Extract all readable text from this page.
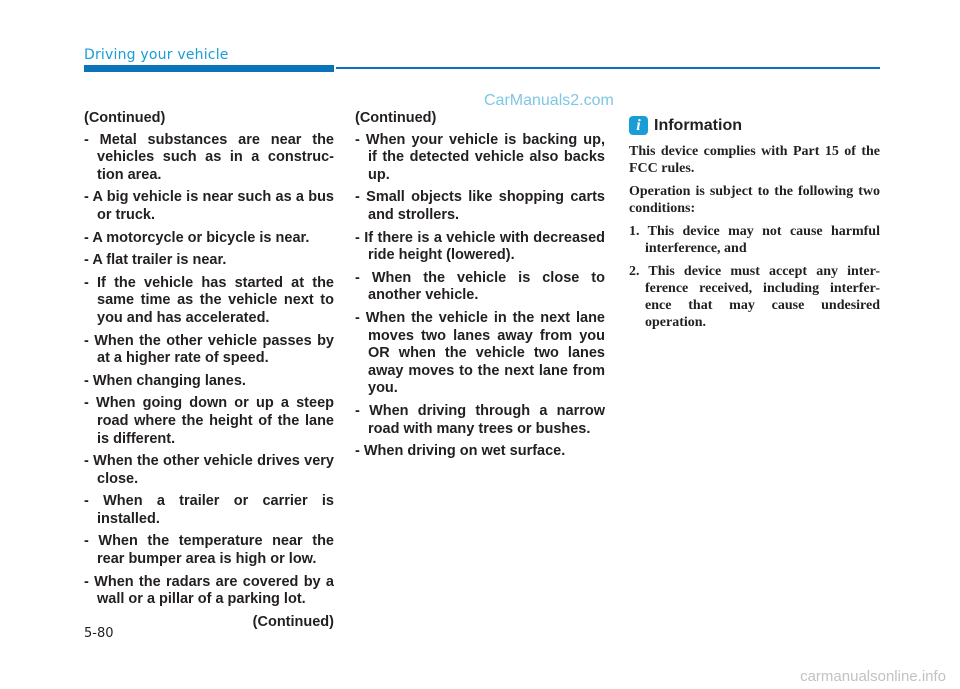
Driving your vehicle
CarManuals2.com

(Continued)

- Metal substances are near the vehicles such as in a construc-tion area.

- A big vehicle is near such as a bus or truck.

- A motorcycle or bicycle is near.

- A flat trailer is near.

- If the vehicle has started at the same time as the vehicle next to you and has accelerated.

- When the other vehicle passes by at a higher rate of speed.

- When changing lanes.

- When going down or up a steep road where the height of the lane is different.

- When the other vehicle drives very close.

- When a trailer or carrier is installed.

- When the temperature near the rear bumper area is high or low.

- When the radars are covered by a wall or a pillar of a parking lot.

(Continued)

(Continued)

- When your vehicle is backing up, if the detected vehicle also backs up.

- Small objects like shopping carts and strollers.

- If there is a vehicle with decreased ride height (lowered).

- When the vehicle is close to another vehicle.

- When the vehicle in the next lane moves two lanes away from you OR when the vehicle two lanes away moves to the next lane from you.

- When driving through a narrow road with many trees or bushes.

- When driving on wet surface.

i Information

This device complies with Part 15 of the FCC rules.

Operation is subject to the following two conditions:

1. This device may not cause harmful interference, and

2. This device must accept any inter-ference received, including interfer-ence that may cause undesired operation.

5-80
carmanualsonline.info
